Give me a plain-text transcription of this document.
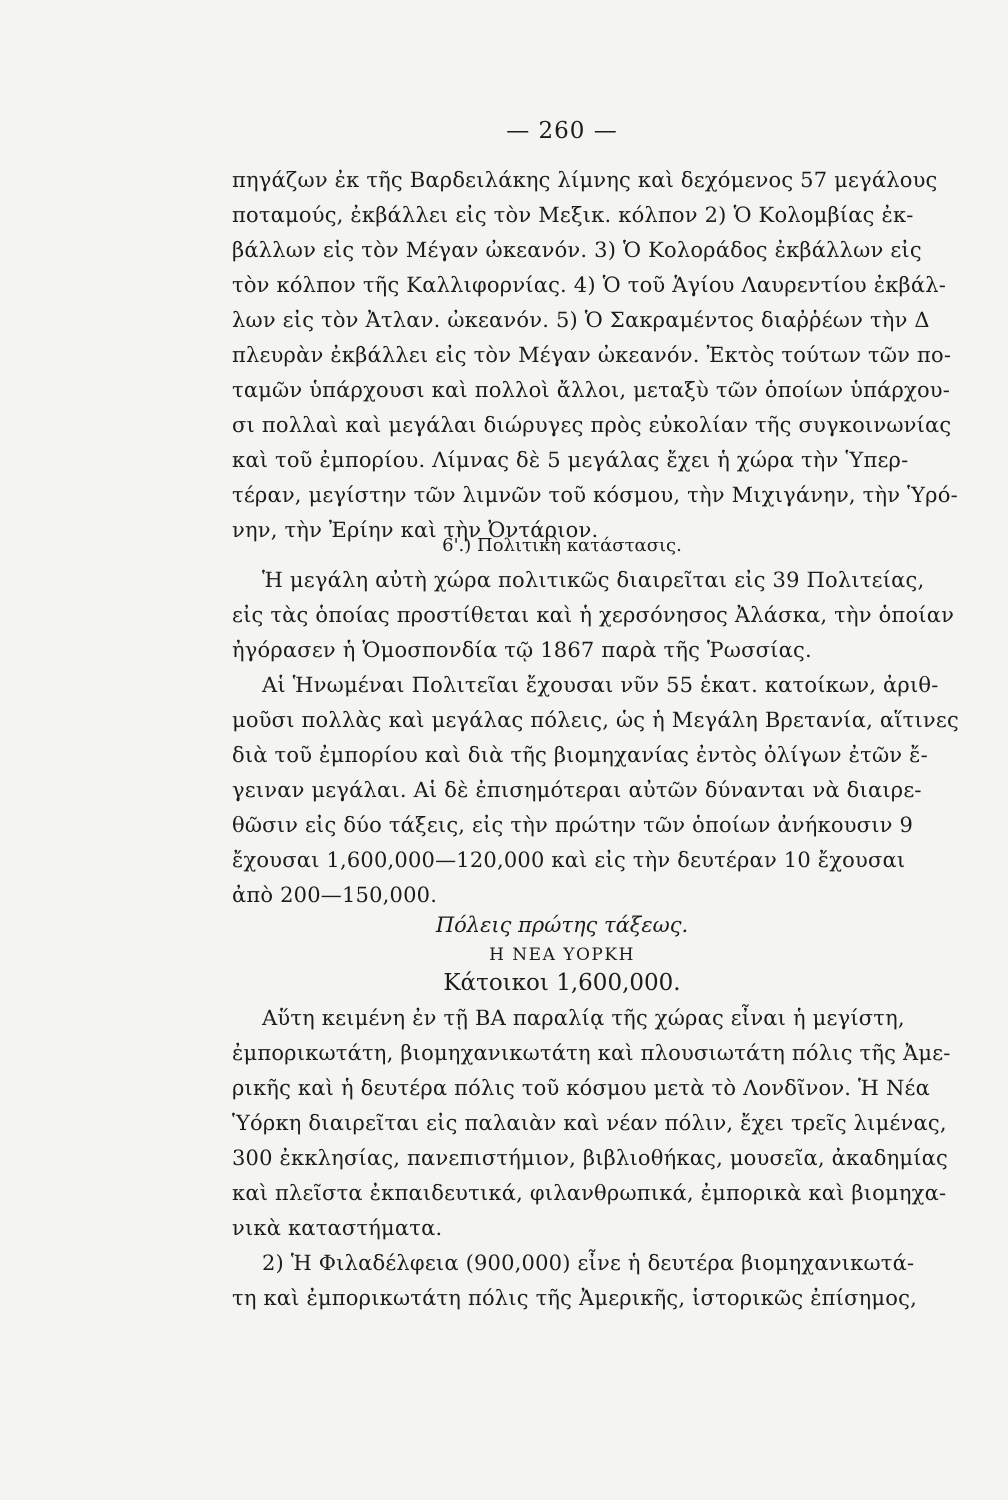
— 260 —
πηγάζων ἐκ τῆς Βαρδειλάκης λίμνης καὶ δεχόμενος 57 μεγάλους
ποταμούς, ἐκβάλλει εἰς τὸν Μεξικ. κόλπον 2) Ὁ Κολομβίας ἐκ-
βάλλων εἰς τὸν Μέγαν ὠκεανόν. 3) Ὁ Κολοράδος ἐκβάλλων εἰς
τὸν κόλπον τῆς Καλλιφορνίας. 4) Ὁ τοῦ Ἁγίου Λαυρεντίου ἐκβάλ-
λων εἰς τὸν Ἀτλαν. ὠκεανόν. 5) Ὁ Σακραμέντος διαῤῥέων τὴν Δ
πλευρὰν ἐκβάλλει εἰς τὸν Μέγαν ὠκεανόν. Ἐκτὸς τούτων τῶν πο-
ταμῶν ὑπάρχουσι καὶ πολλοὶ ἄλλοι, μεταξὺ τῶν ὁποίων ὑπάρχου-
σι πολλαὶ καὶ μεγάλαι διώρυγες πρὸς εὐκολίαν τῆς συγκοινωνίας
καὶ τοῦ ἐμπορίου. Λίμνας δὲ 5 μεγάλας ἔχει ἡ χώρα τὴν Ὑπερ-
τέραν, μεγίστην τῶν λιμνῶν τοῦ κόσμου, τὴν Μιχιγάνην, τὴν Ὑρό-
νην, τὴν Ἐρίην καὶ τὴν Ὀντάριον.
6'.) Πολιτικὴ κατάστασις.
Ἡ μεγάλη αὐτὴ χώρα πολιτικῶς διαιρεῖται εἰς 39 Πολιτείας,
εἰς τὰς ὁποίας προστίθεται καὶ ἡ χερσόνησος Ἀλάσκα, τὴν ὁποίαν
ἠγόρασεν ἡ Ὁμοσπονδία τῷ 1867 παρὰ τῆς Ῥωσσίας.
Αἱ Ἡνωμέναι Πολιτεῖαι ἔχουσαι νῦν 55 ἑκατ. κατοίκων, ἀριθ-
μοῦσι πολλὰς καὶ μεγάλας πόλεις, ὡς ἡ Μεγάλη Βρετανία, αἵτινες
διὰ τοῦ ἐμπορίου καὶ διὰ τῆς βιομηχανίας ἐντὸς ὀλίγων ἐτῶν ἔ-
γειναν μεγάλαι. Αἱ δὲ ἐπισημότεραι αὐτῶν δύνανται νὰ διαιρε-
θῶσιν εἰς δύο τάξεις, εἰς τὴν πρώτην τῶν ὁποίων ἀνήκουσιν 9
ἔχουσαι 1,600,000—120,000 καὶ εἰς τὴν δευτέραν 10 ἔχουσαι
ἀπὸ 200—150,000.
Πόλεις πρώτης τάξεως.
Η ΝΕΑ ΥΟΡΚΗ
Κάτοικοι 1,600,000.
Αὕτη κειμένη ἐν τῇ ΒΑ παραλίᾳ τῆς χώρας εἶναι ἡ μεγίστη,
ἐμπορικωτάτη, βιομηχανικωτάτη καὶ πλουσιωτάτη πόλις τῆς Ἀμε-
ρικῆς καὶ ἡ δευτέρα πόλις τοῦ κόσμου μετὰ τὸ Λονδῖνον. Ἡ Νέα
Ὑόρκη διαιρεῖται εἰς παλαιὰν καὶ νέαν πόλιν, ἔχει τρεῖς λιμένας,
300 ἐκκλησίας, πανεπιστήμιον, βιβλιοθήκας, μουσεῖα, ἀκαδημίας
καὶ πλεῖστα ἐκπαιδευτικά, φιλανθρωπικά, ἐμπορικὰ καὶ βιομηχα-
νικὰ καταστήματα.
2) Ἡ Φιλαδέλφεια (900,000) εἶνε ἡ δευτέρα βιομηχανικωτά-
τη καὶ ἐμπορικωτάτη πόλις τῆς Ἀμερικῆς, ἱστορικῶς ἐπίσημος,
